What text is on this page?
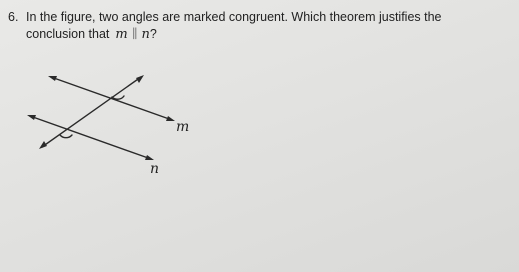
6. In the figure, two angles are marked congruent. Which theorem justifies the
conclusion that m ∥ n?
m
n
